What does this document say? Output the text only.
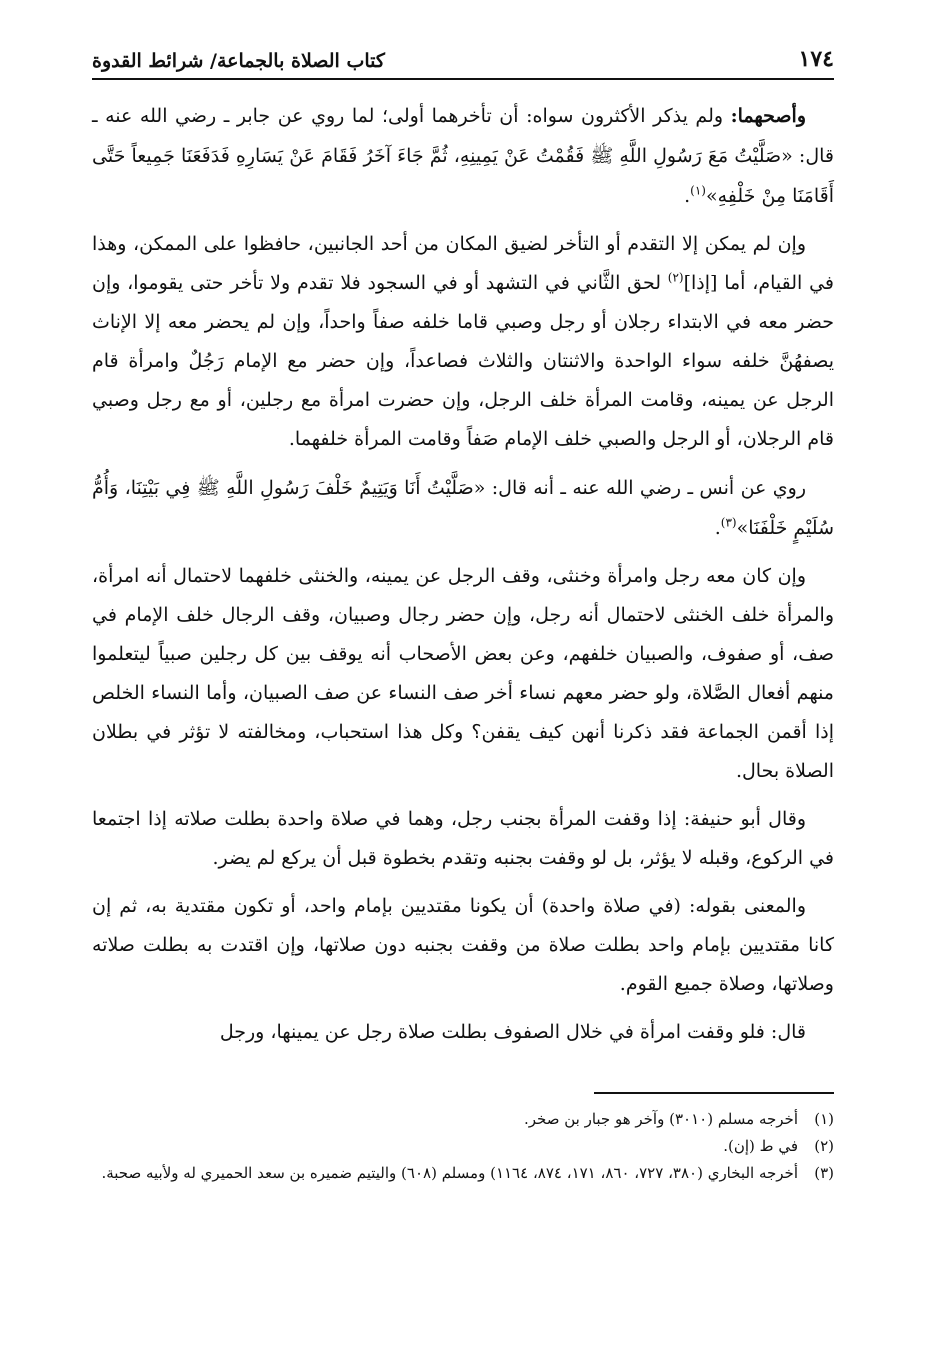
١٧٤
كتاب الصلاة بالجماعة/ شرائط القدوة

وأصحهما: ولم يذكر الأكثرون سواه: أن تأخرهما أولى؛ لما روي عن جابر ـ رضي الله عنه ـ قال: «صَلَّيْتُ مَعَ رَسُولِ اللَّهِ ﷺ فَقُمْتُ عَنْ يَمِينِهِ، ثُمَّ جَاءَ آخَرُ فَقَامَ عَنْ يَسَارِهِ فَدَفَعَنَا جَمِيعاً حَتَّى أَقَامَنَا مِنْ خَلْفِهِ»$^{(١)}$.

وإن لم يمكن إلا التقدم أو التأخر لضيق المكان من أحد الجانبين، حافظوا على الممكن، وهذا في القيام، أما [إذا]$^{(٢)}$ لحق الثَّاني في التشهد أو في السجود فلا تقدم ولا تأخر حتى يقوموا، وإن حضر معه في الابتداء رجلان أو رجل وصبي قاما خلفه صفاً واحداً، وإن لم يحضر معه إلا الإناث يصفهُنَّ خلفه سواء الواحدة والاثنتان والثلاث فصاعداً، وإن حضر مع الإمام رَجُلٌ وامرأة قام الرجل عن يمينه، وقامت المرأة خلف الرجل، وإن حضرت امرأة مع رجلين، أو مع رجل وصبي قام الرجلان، أو الرجل والصبي خلف الإمام صَفاً وقامت المرأة خلفهما.

روي عن أنس ـ رضي الله عنه ـ أنه قال: «صَلَّيْتُ أَنَا وَيَتِيمٌ خَلْفَ رَسُولِ اللَّهِ ﷺ فِي بَيْتِنَا، وَأُمُّ سُلَيْمٍ خَلْفَنَا»$^{(٣)}$.

وإن كان معه رجل وامرأة وخنثى، وقف الرجل عن يمينه، والخنثى خلفهما لاحتمال أنه امرأة، والمرأة خلف الخنثى لاحتمال أنه رجل، وإن حضر رجال وصبيان، وقف الرجال خلف الإمام في صف، أو صفوف، والصبيان خلفهم، وعن بعض الأصحاب أنه يوقف بين كل رجلين صبياً ليتعلموا منهم أفعال الصَّلاة، ولو حضر معهم نساء أخر صف النساء عن صف الصبيان، وأما النساء الخلص إذا أقمن الجماعة فقد ذكرنا أنهن كيف يقفن؟ وكل هذا استحباب، ومخالفته لا تؤثر في بطلان الصلاة بحال.

وقال أبو حنيفة: إذا وقفت المرأة بجنب رجل، وهما في صلاة واحدة بطلت صلاته إذا اجتمعا في الركوع، وقبله لا يؤثر، بل لو وقفت بجنبه وتقدم بخطوة قبل أن يركع لم يضر.

والمعنى بقوله: (في صلاة واحدة) أن يكونا مقتديين بإمام واحد، أو تكون مقتدية به، ثم إن كانا مقتديين بإمام واحد بطلت صلاة من وقفت بجنبه دون صلاتها، وإن اقتدت به بطلت صلاته وصلاتها، وصلاة جميع القوم.

قال: فلو وقفت امرأة في خلال الصفوف بطلت صلاة رجل عن يمينها، ورجل

(١)
أخرجه مسلم (٣٠١٠) وآخر هو جبار بن صخر.
(٢)
في ط (إن).
(٣)
أخرجه البخاري (٣٨٠، ٧٢٧، ٨٦٠، ١٧١، ٨٧٤، ١١٦٤) ومسلم (٦٠٨) واليتيم ضميره بن سعد الحميري له ولأبيه صحبة.
